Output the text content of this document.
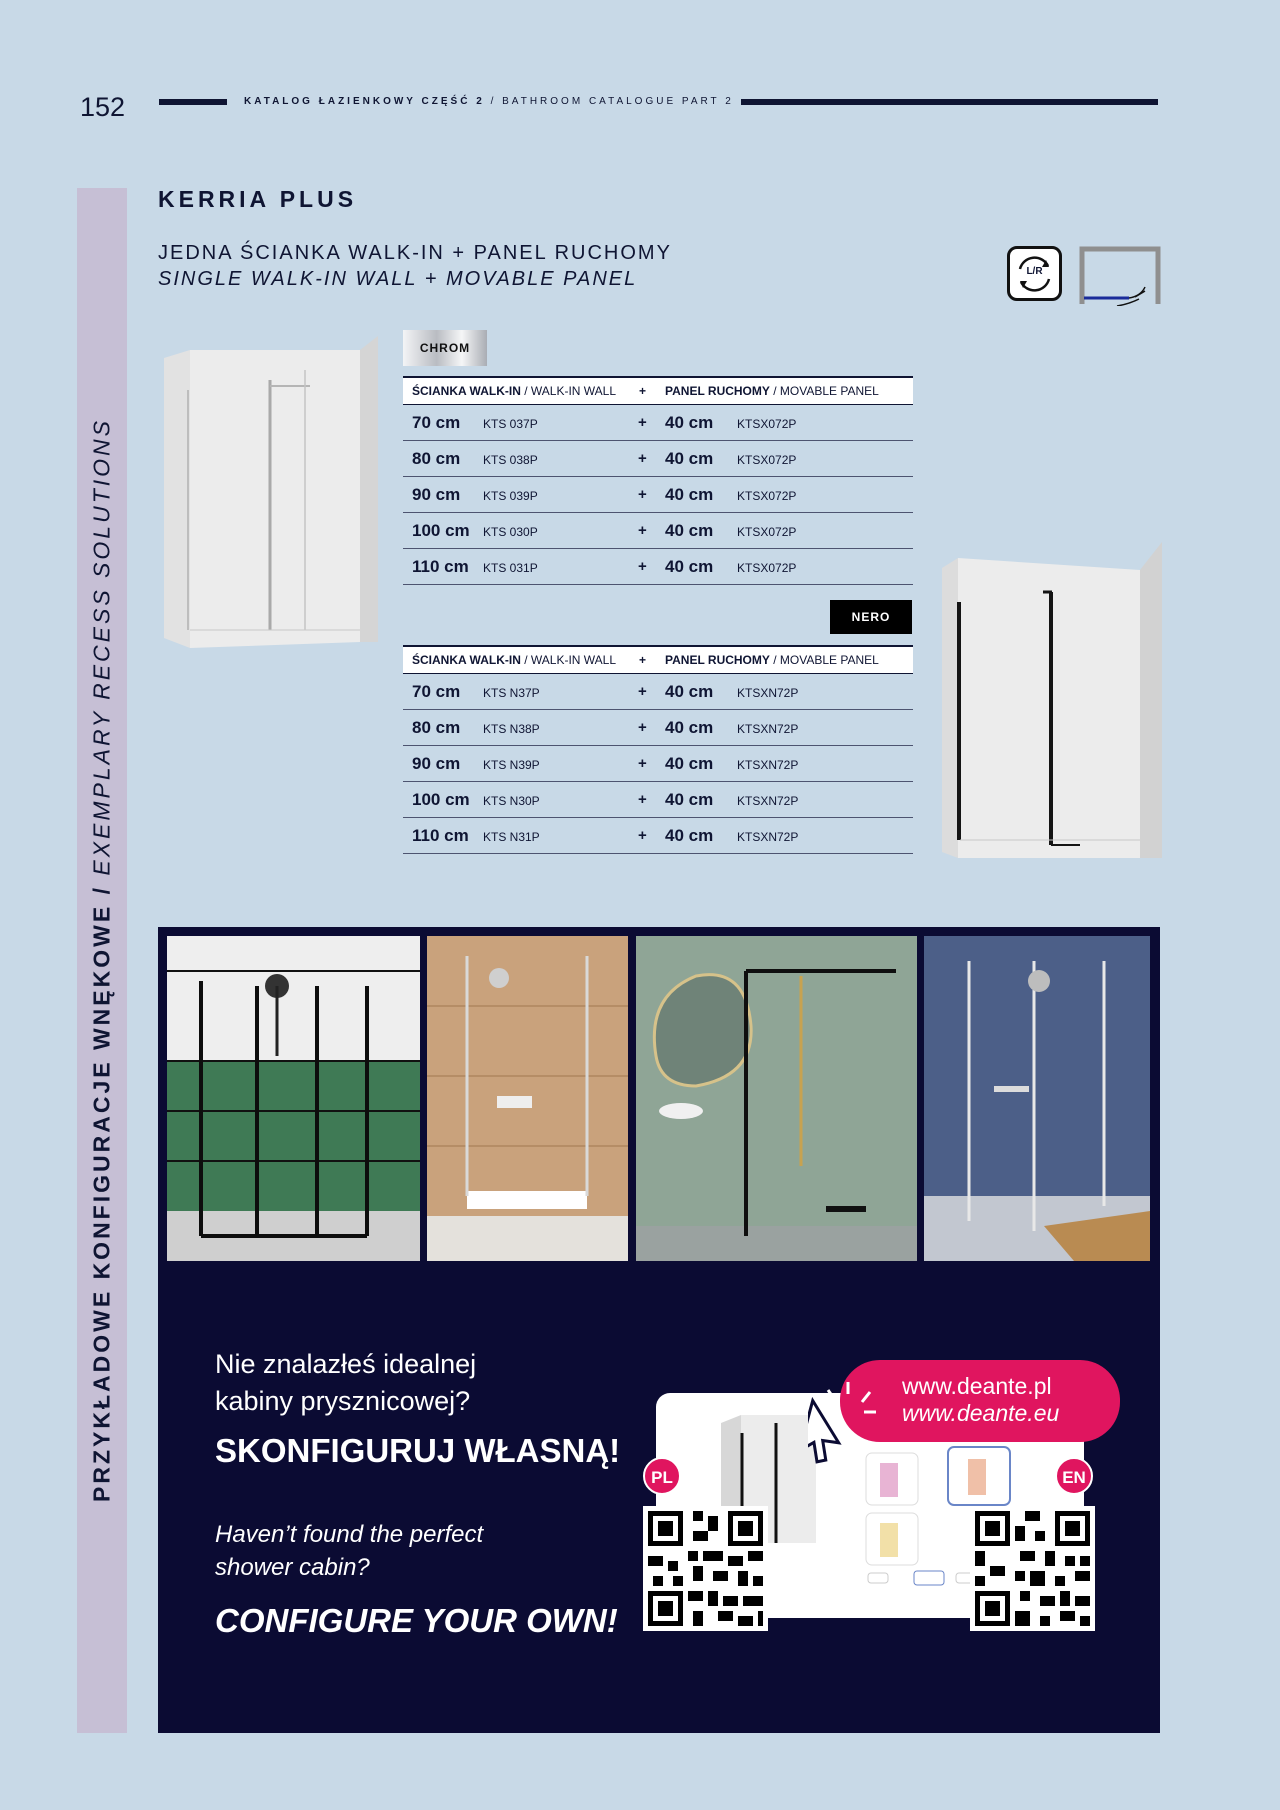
152	KATALOG ŁAZIENKOWY CZĘŚĆ 2 / BATHROOM CATALOGUE PART 2
PRZYKŁADOWE KONFIGURACJE WNĘKOWE / EXEMPLARY RECESS SOLUTIONS
KERRIA PLUS
JEDNA ŚCIANKA WALK-IN + PANEL RUCHOMY
SINGLE WALK-IN WALL + MOVABLE PANEL	L/R
CHROM
ŚCIANKA WALK-IN / WALK-IN WALL + PANEL RUCHOMY / MOVABLE PANEL
70 cm KTS 037P	+ 40 cm KTSX072P
80 cm KTS 038P	+ 40 cm KTSX072P
90 cm KTS 039P	+ 40 cm KTSX072P
100 cm KTS 030P	+ 40 cm KTSX072P
110 cm KTS 031P	+ 40 cm KTSX072P
NERO
ŚCIANKA WALK-IN / WALK-IN WALL + PANEL RUCHOMY / MOVABLE PANEL
70 cm KTS N37P	+ 40 cm KTSXN72P
80 cm KTS N38P	+ 40 cm KTSXN72P
90 cm KTS N39P	+ 40 cm KTSXN72P
100 cm KTS N30P	+ 40 cm KTSXN72P
110 cm KTS N31P	+ 40 cm KTSXN72P
Nie znalazłeś idealnej
kabiny prysznicowej?
SKONFIGURUJ WŁASNĄ!
Haven’t found the perfect
shower cabin?
CONFIGURE YOUR OWN!
www.deante.pl
www.deante.eu
PL	EN
